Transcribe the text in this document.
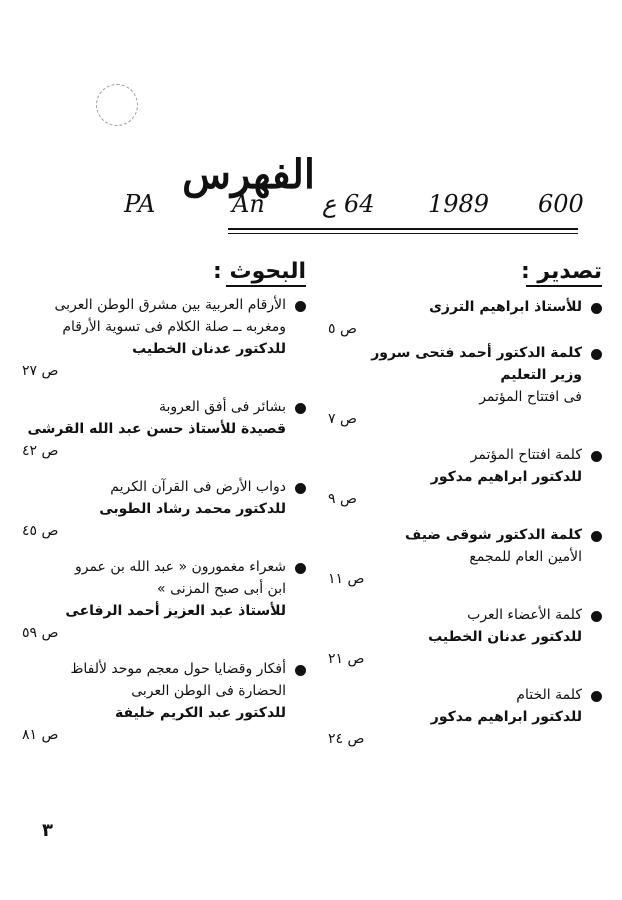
الفهرس
PA	An 64 ع 1989 600
تصدير :
للأستاذ ابراهيم الترزى
ص ٥
كلمة الدكتور أحمد فتحى سرور
وزير التعليم
فى افتتاح المؤتمر
ص ٧
كلمة افتتاح المؤتمر
للدكتور ابراهيم مدكور
ص ٩
كلمة الدكتور شوقى ضيف
الأمين العام للمجمع
ص ١١
كلمة الأعضاء العرب
للدكتور عدنان الخطيب
ص ٢١
كلمة الختام
للدكتور ابراهيم مدكور
ص ٢٤
البحوث :
الأرقام العربية بين مشرق الوطن العربى
ومغربه ــ صلة الكلام فى تسوية الأرقام
للدكتور عدنان الخطيب
ص ٢٧
بشائر فى أفق العروبة
قصيدة للأستاذ حسن عبد الله القرشى
ص ٤٢
دواب الأرض فى القرآن الكريم
للدكتور محمد رشاد الطوبى
ص ٤٥
شعراء مغمورون « عبد الله بن عمرو
ابن أبى صبح المزنى »
للأستاذ عبد العزيز أحمد الرفاعى
ص ٥٩
أفكار وقضايا حول معجم موحد لألفاظ
الحضارة فى الوطن العربى
للدكتور عبد الكريم خليفة
ص ٨١
٣
